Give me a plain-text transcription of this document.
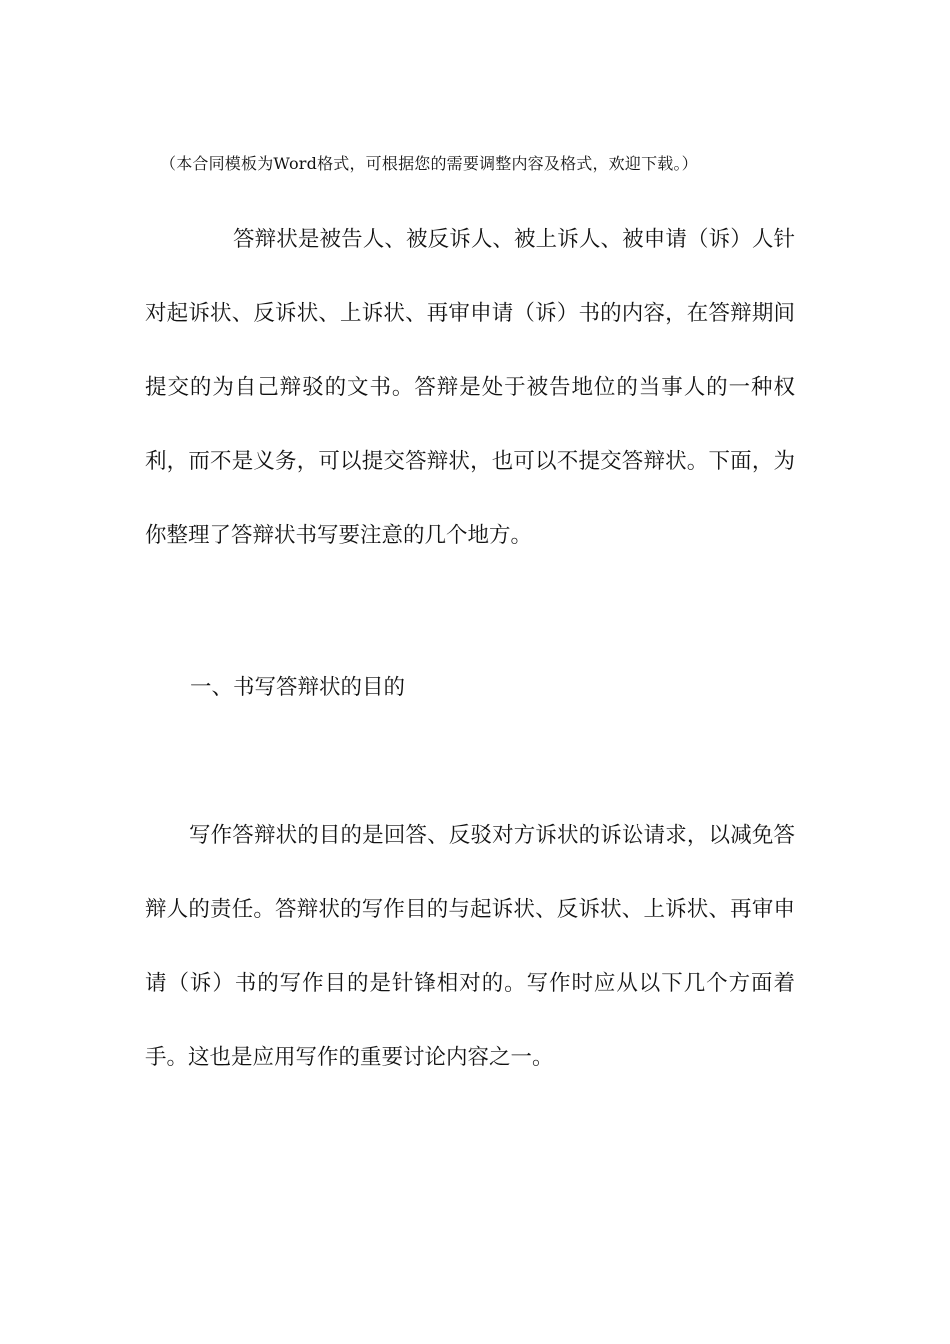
（本合同模板为Word格式，可根据您的需要调整内容及格式，欢迎下载。）

答辩状是被告人、被反诉人、被上诉人、被申请（诉）人针对起诉状、反诉状、上诉状、再审申请（诉）书的内容，在答辩期间提交的为自己辩驳的文书。答辩是处于被告地位的当事人的一种权利，而不是义务，可以提交答辩状，也可以不提交答辩状。下面，为你整理了答辩状书写要注意的几个地方。

一、书写答辩状的目的

写作答辩状的目的是回答、反驳对方诉状的诉讼请求，以减免答辩人的责任。答辩状的写作目的与起诉状、反诉状、上诉状、再审申请（诉）书的写作目的是针锋相对的。写作时应从以下几个方面着手。这也是应用写作的重要讨论内容之一。
